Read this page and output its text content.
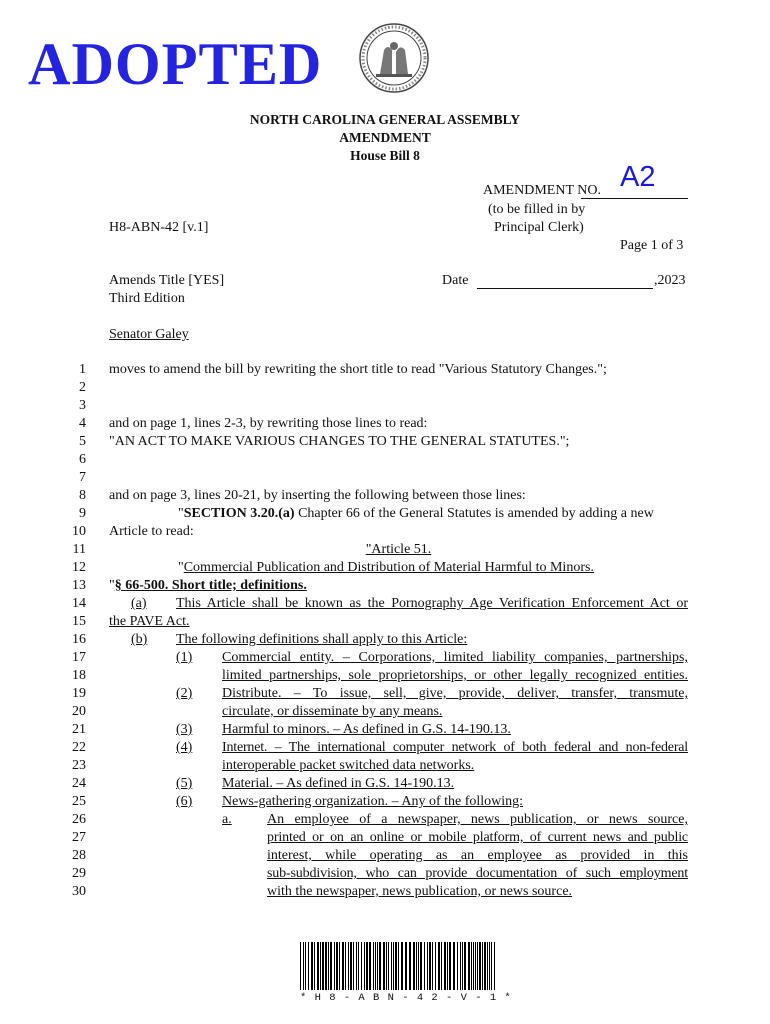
ADOPTED
NORTH CAROLINA GENERAL ASSEMBLY
AMENDMENT
House Bill 8
AMENDMENT NO. A2
(to be filled in by
Principal Clerk)
H8-ABN-42 [v.1]
Page 1 of 3
Amends Title [YES]
Third Edition
Date	,2023
Senator Galey
1
2
3
4
5
6
7
8
9
10
11
12
13
14
15
16
17
18
19
20
21
22
23
24
25
26
27
28
29
30
moves to amend the bill by rewriting the short title to read "Various Statutory Changes.";
and on page 1, lines 2-3, by rewriting those lines to read:
"AN ACT TO MAKE VARIOUS CHANGES TO THE GENERAL STATUTES.";
and on page 3, lines 20-21, by inserting the following between those lines:
"SECTION 3.20.(a) Chapter 66 of the General Statutes is amended by adding a new
Article to read:
"Article 51.
"Commercial Publication and Distribution of Material Harmful to Minors.
"§ 66-500. Short title; definitions.
(a)	This Article shall be known as the Pornography Age Verification Enforcement Act or
the PAVE Act.
(b)	The following definitions shall apply to this Article:
(1)	Commercial entity. – Corporations, limited liability companies, partnerships,
limited partnerships, sole proprietorships, or other legally recognized entities.
(2)	Distribute. – To issue, sell, give, provide, deliver, transfer, transmute,
circulate, or disseminate by any means.
(3)	Harmful to minors. – As defined in G.S. 14-190.13.
(4)	Internet. – The international computer network of both federal and non-federal
interoperable packet switched data networks.
(5)	Material. – As defined in G.S. 14-190.13.
(6)	News-gathering organization. – Any of the following:
a.	An employee of a newspaper, news publication, or news source,
printed or on an online or mobile platform, of current news and public
interest, while operating as an employee as provided in this
sub-subdivision, who can provide documentation of such employment
with the newspaper, news publication, or news source.
* H 8 - A B N - 4 2 - V - 1 *
